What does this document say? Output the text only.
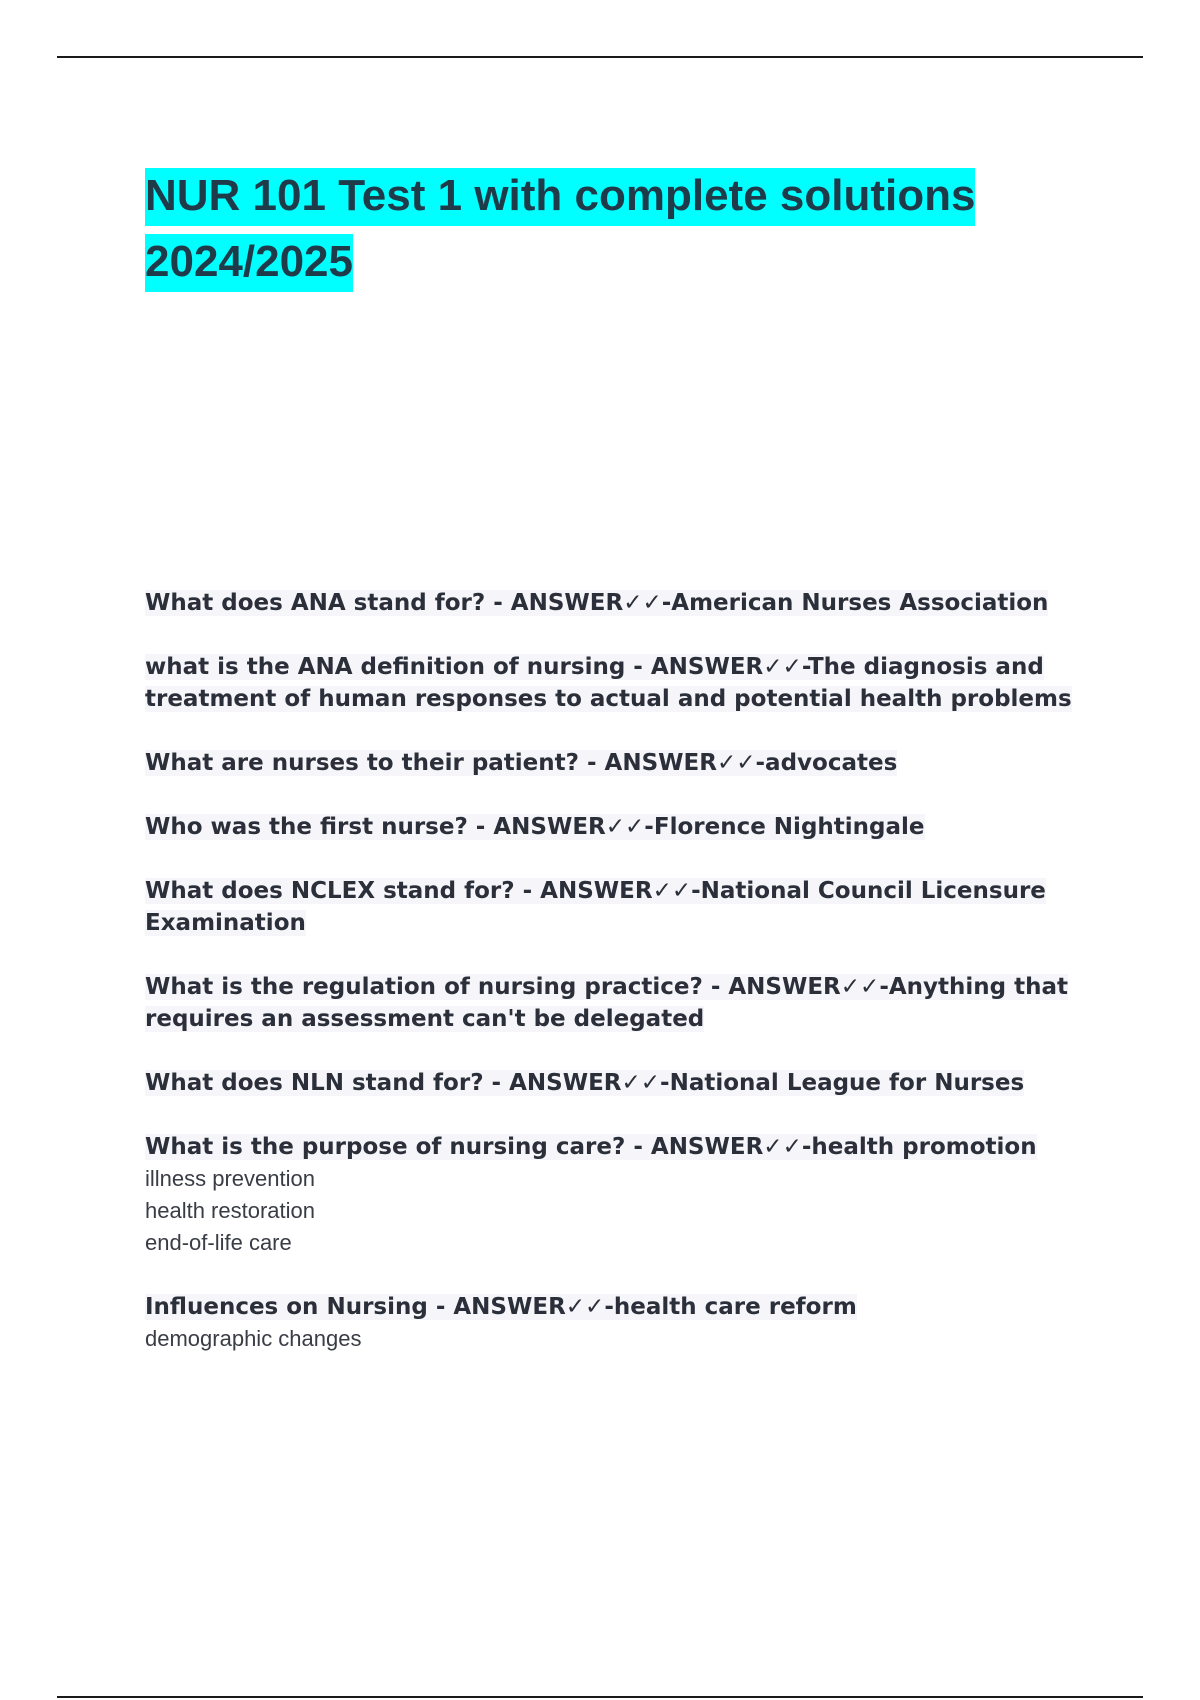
NUR 101 Test 1 with complete solutions
2024/2025

What does ANA stand for? - ANSWER✓✓-American Nurses Association

what is the ANA definition of nursing - ANSWER✓✓-The diagnosis and treatment of human responses to actual and potential health problems

What are nurses to their patient? - ANSWER✓✓-advocates

Who was the first nurse? - ANSWER✓✓-Florence Nightingale

What does NCLEX stand for? - ANSWER✓✓-National Council Licensure Examination

What is the regulation of nursing practice? - ANSWER✓✓-Anything that requires an assessment can't be delegated

What does NLN stand for? - ANSWER✓✓-National League for Nurses

What is the purpose of nursing care? - ANSWER✓✓-health promotion

illness prevention

health restoration

end-of-life care

Influences on Nursing - ANSWER✓✓-health care reform

demographic changes
